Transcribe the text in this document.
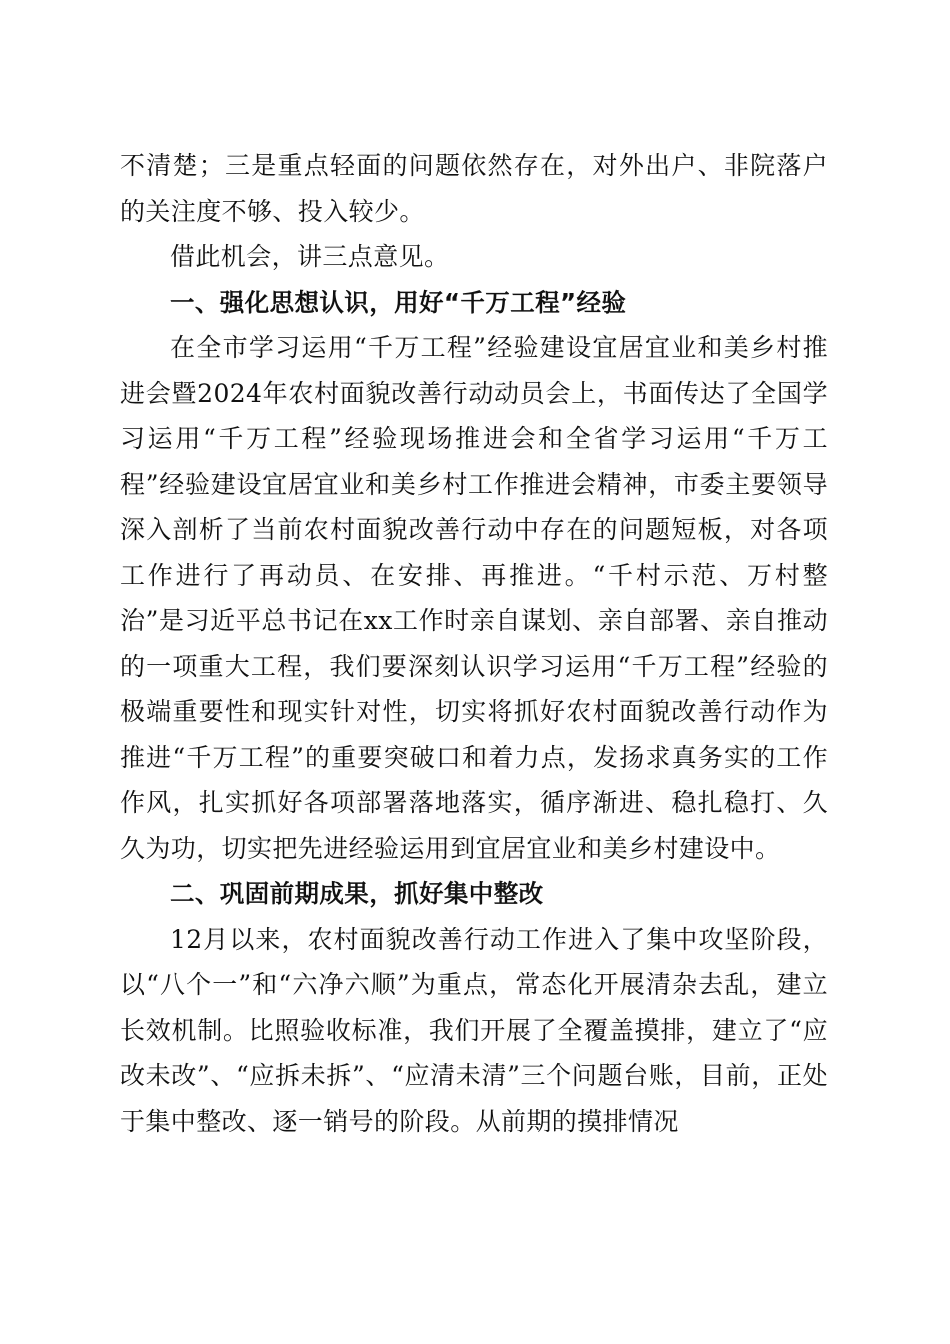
不清楚；三是重点轻面的问题依然存在，对外出户、非院落户的关注度不够、投入较少。

借此机会，讲三点意见。

一、强化思想认识，用好“千万工程”经验

在全市学习运用“千万工程”经验建设宜居宜业和美乡村推进会暨2024年农村面貌改善行动动员会上，书面传达了全国学习运用“千万工程”经验现场推进会和全省学习运用“千万工程”经验建设宜居宜业和美乡村工作推进会精神，市委主要领导深入剖析了当前农村面貌改善行动中存在的问题短板，对各项工作进行了再动员、在安排、再推进。“千村示范、万村整治”是习近平总书记在xx工作时亲自谋划、亲自部署、亲自推动的一项重大工程，我们要深刻认识学习运用“千万工程”经验的极端重要性和现实针对性，切实将抓好农村面貌改善行动作为推进“千万工程”的重要突破口和着力点，发扬求真务实的工作作风，扎实抓好各项部署落地落实，循序渐进、稳扎稳打、久久为功，切实把先进经验运用到宜居宜业和美乡村建设中。

二、巩固前期成果，抓好集中整改

12月以来，农村面貌改善行动工作进入了集中攻坚阶段，以“八个一”和“六净六顺”为重点，常态化开展清杂去乱，建立长效机制。比照验收标准，我们开展了全覆盖摸排，建立了“应改未改”、“应拆未拆”、“应清未清”三个问题台账，目前，正处于集中整改、逐一销号的阶段。从前期的摸排情况
